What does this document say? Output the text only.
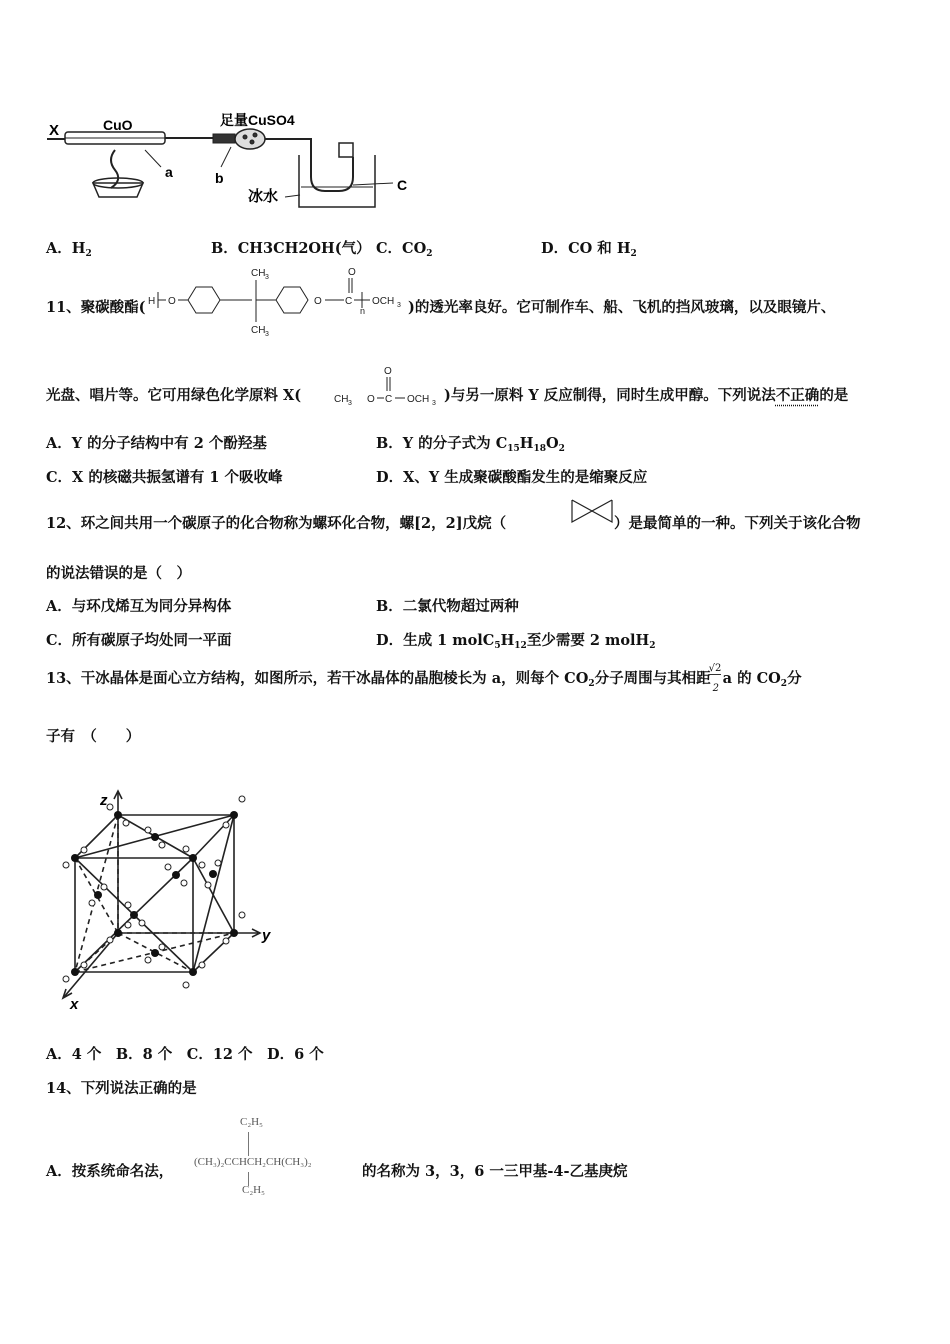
X	CuO
a
足量CuSO4
b	C
冰水
A．$H_2$	B．CH3CH2OH(气） C．$CO_2$	D．CO 和 $H_2$
11、聚碳酸酯( H O
CH 3
CH 3
O C
O
n
OCH 3 )的透光率良好。它可制作车、船、飞机的挡风玻璃，以及眼镜片、
光盘、唱片等。它可用绿色化学原料 X(	CH 3 O C
O
OCH 3 )与另一原料 Y 反应制得，同时生成甲醇。下列说法不正确的是
A．Y 的分子结构中有 2 个酚羟基	B．Y 的分子式为 $C_{15}H_{18}O_2$
C．X 的核磁共振氢谱有 1 个吸收峰	D．X、Y 生成聚碳酸酯发生的是缩聚反应
12、环之间共用一个碳原子的化合物称为螺环化合物，螺[2，2]戊烷（	）是最简单的一种。下列关于该化合物
的说法错误的是（　）
A．与环戊烯互为同分异构体	B．二氯代物超过两种
C．所有碳原子均处同一平面	D．生成 1 $molC_5H_{12}$至少需要 2 molH$_2$
13、干冰晶体是面心立方结构，如图所示，若干冰晶体的晶胞棱长为 a，则每个 $CO_2$分子周围与其相距 $\frac{√2}{2}$ a 的 $CO_2$分
子有　（　　）
z
y
x
A．4 个　B．8 个　C．12 个　D．6 个
14、下列说法正确的是
A．按系统命名法，
C₂H₅
(CH₃)₂CCHCH₂CH(CH₃)₂
C₂H₅
的名称为 3，3，6 一三甲基-4-乙基庚烷
